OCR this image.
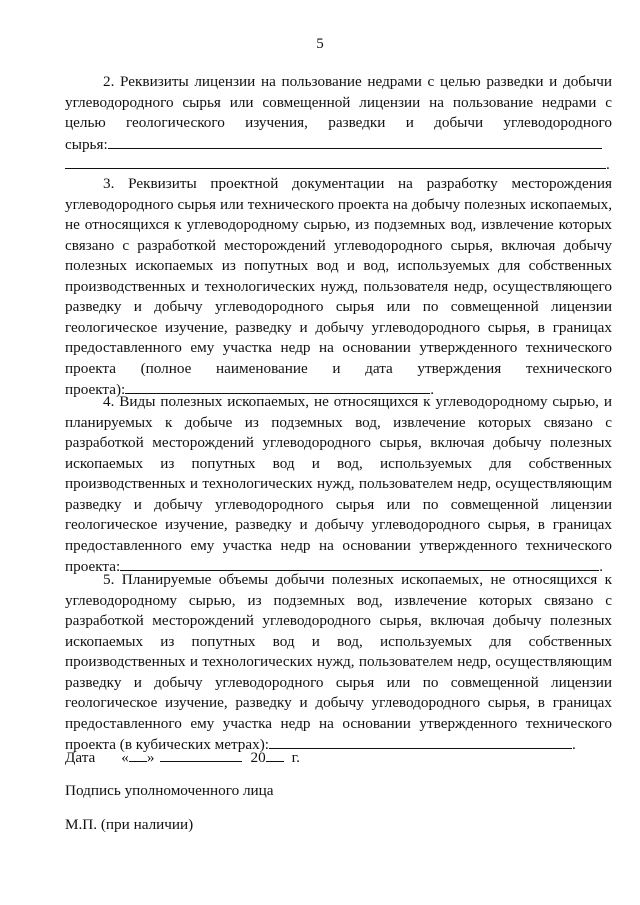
5
2. Реквизиты лицензии на пользование недрами с целью разведки и добычи
углеводородного сырья или совмещенной лицензии на пользование недрами с
целью геологического изучения, разведки и добычи углеводородного
сырья:
.
3. Реквизиты проектной документации на разработку месторождения
углеводородного сырья или технического проекта на добычу полезных ископаемых,
не относящихся к углеводородному сырью, из подземных вод, извлечение которых
связано с разработкой месторождений углеводородного сырья, включая добычу
полезных ископаемых из попутных вод и вод, используемых для собственных
производственных и технологических нужд, пользователя недр, осуществляющего
разведку и добычу углеводородного сырья или по совмещенной лицензии
геологическое изучение, разведку и добычу углеводородного сырья, в границах
предоставленного ему участка недр на основании утвержденного технического
проекта (полное наименование и дата утверждения технического
проекта):	.
4. Виды полезных ископаемых, не относящихся к углеводородному сырью, и
планируемых к добыче из подземных вод, извлечение которых связано с
разработкой месторождений углеводородного сырья, включая добычу полезных
ископаемых из попутных вод и вод, используемых для собственных
производственных и технологических нужд, пользователем недр, осуществляющим
разведку и добычу углеводородного сырья или по совмещенной лицензии
геологическое изучение, разведку и добычу углеводородного сырья, в границах
предоставленного ему участка недр на основании утвержденного технического
проекта:	.
5. Планируемые объемы добычи полезных ископаемых, не относящихся к
углеводородному сырью, из подземных вод, извлечение которых связано с
разработкой месторождений углеводородного сырья, включая добычу полезных
ископаемых из попутных вод и вод, используемых для собственных
производственных и технологических нужд, пользователем недр, осуществляющим
разведку и добычу углеводородного сырья или по совмещенной лицензии
геологическое изучение, разведку и добычу углеводородного сырья, в границах
предоставленного ему участка недр на основании утвержденного технического
проекта (в кубических метрах):	.
Дата « »	20 г.
Подпись уполномоченного лица
М.П. (при наличии)
